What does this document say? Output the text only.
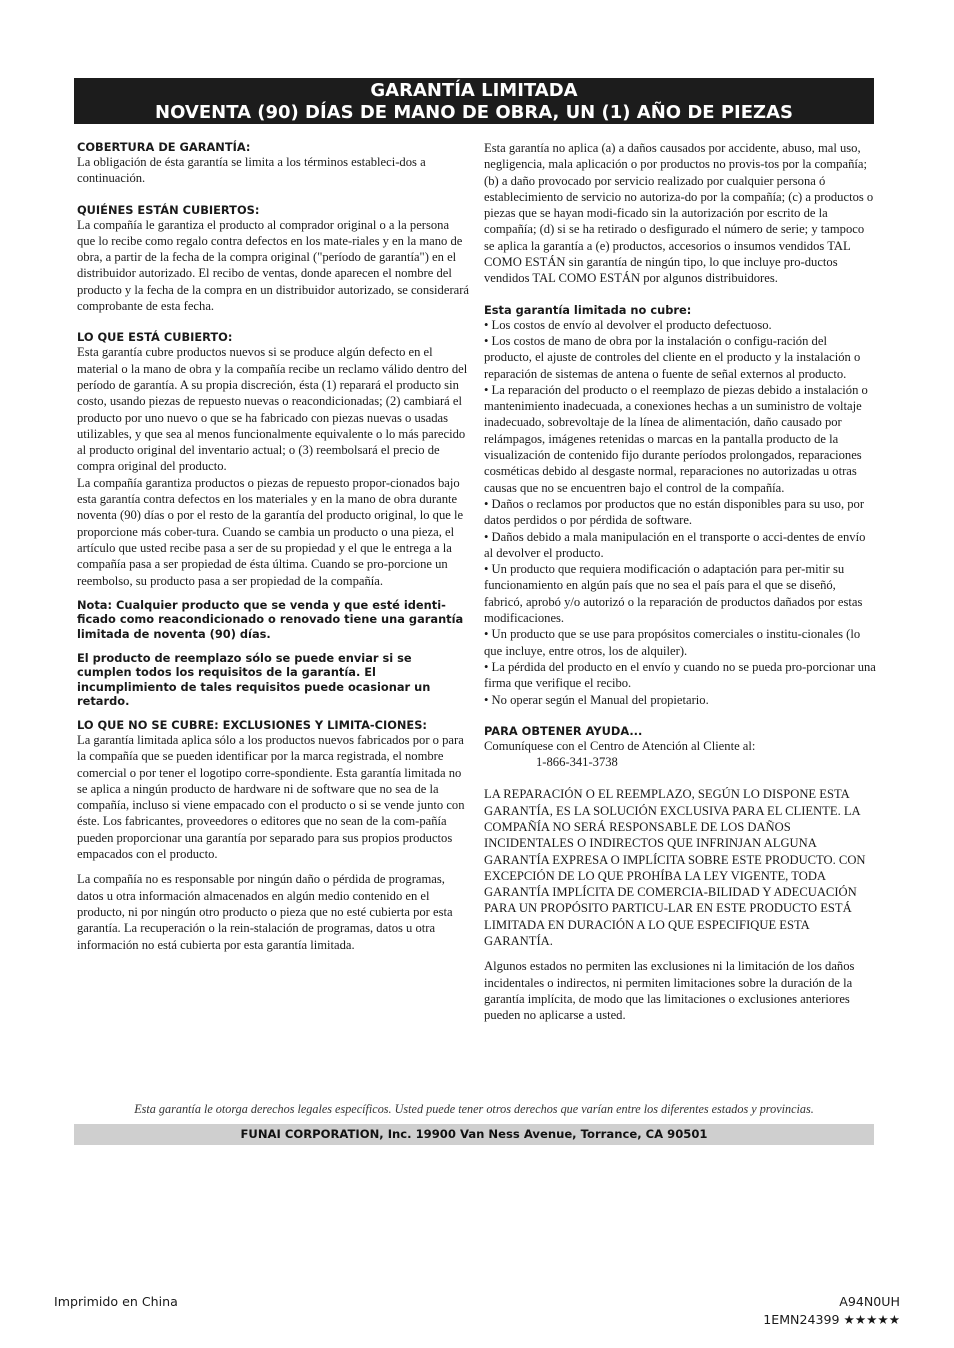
GARANTÍA LIMITADA
NOVENTA (90) DÍAS DE MANO DE OBRA, UN (1) AÑO DE PIEZAS
COBERTURA DE GARANTÍA:

La obligación de ésta garantía se limita a los términos estableci-dos a continuación.

QUIÉNES ESTÁN CUBIERTOS:

La compañía le garantiza el producto al comprador original o a la persona que lo recibe como regalo contra defectos en los mate-riales y en la mano de obra, a partir de la fecha de la compra original ("período de garantía") en el distribuidor autorizado. El recibo de ventas, donde aparecen el nombre del producto y la fecha de la compra en un distribuidor autorizado, se considerará comprobante de esta fecha.

LO QUE ESTÁ CUBIERTO:

Esta garantía cubre productos nuevos si se produce algún defecto en el material o la mano de obra y la compañía recibe un reclamo válido dentro del período de garantía. A su propia discreción, ésta (1) reparará el producto sin costo, usando piezas de repuesto nuevas o reacondicionadas; (2) cambiará el producto por uno nuevo o que se ha fabricado con piezas nuevas o usadas utilizables, y que sea al menos funcionalmente equivalente o lo más parecido al producto original del inventario actual; o (3) reembolsará el precio de compra original del producto.

La compañía garantiza productos o piezas de repuesto propor-cionados bajo esta garantía contra defectos en los materiales y en la mano de obra durante noventa (90) días o por el resto de la garantía del producto original, lo que le proporcione más cober-tura. Cuando se cambia un producto o una pieza, el artículo que usted recibe pasa a ser de su propiedad y el que le entrega a la compañía pasa a ser propiedad de ésta última. Cuando se pro-porcione un reembolso, su producto pasa a ser propiedad de la compañía.

Nota: Cualquier producto que se venda y que esté identi-ficado como reacondicionado o renovado tiene una garantía limitada de noventa (90) días.

El producto de reemplazo sólo se puede enviar si se cumplen todos los requisitos de la garantía. El incumplimiento de tales requisitos puede ocasionar un retardo.

LO QUE NO SE CUBRE: EXCLUSIONES Y LIMITA-CIONES:

La garantía limitada aplica sólo a los productos nuevos fabricados por o para la compañía que se pueden identificar por la marca registrada, el nombre comercial o por tener el logotipo corre-spondiente. Esta garantía limitada no se aplica a ningún producto de hardware ni de software que no sea de la compañía, incluso si viene empacado con el producto o si se vende junto con éste. Los fabricantes, proveedores o editores que no sean de la com-pañía pueden proporcionar una garantía por separado para sus propios productos empacados con el producto.

La compañía no es responsable por ningún daño o pérdida de programas, datos u otra información almacenados en algún medio contenido en el producto, ni por ningún otro producto o pieza que no esté cubierta por esta garantía. La recuperación o la rein-stalación de programas, datos u otra información no está cubierta por esta garantía limitada.

Esta garantía no aplica (a) a daños causados por accidente, abuso, mal uso, negligencia, mala aplicación o por productos no provis-tos por la compañía; (b) a daño provocado por servicio realizado por cualquier persona ó establecimiento de servicio no autoriza-do por la compañía; (c) a productos o piezas que se hayan modi-ficado sin la autorización por escrito de la compañía; (d) si se ha retirado o desfigurado el número de serie; y tampoco se aplica la garantía a (e) productos, accesorios o insumos vendidos TAL COMO ESTÁN sin garantía de ningún tipo, lo que incluye pro-ductos vendidos TAL COMO ESTÁN por algunos distribuidores.

Esta garantía limitada no cubre:

• Los costos de envío al devolver el producto defectuoso.

• Los costos de mano de obra por la instalación o configu-ración del producto, el ajuste de controles del cliente en el producto y la instalación o reparación de sistemas de antena o fuente de señal externos al producto.

• La reparación del producto o el reemplazo de piezas debido a instalación o mantenimiento inadecuada, a conexiones hechas a un suministro de voltaje inadecuado, sobrevoltaje de la línea de alimentación, daño causado por relámpagos, imágenes retenidas o marcas en la pantalla producto de la visualización de contenido fijo durante períodos prolongados, reparaciones cosméticas debido al desgaste normal, reparaciones no autorizadas u otras causas que no se encuentren bajo el control de la compañía.

• Daños o reclamos por productos que no están disponibles para su uso, por datos perdidos o por pérdida de software.

• Daños debido a mala manipulación en el transporte o acci-dentes de envío al devolver el producto.

• Un producto que requiera modificación o adaptación para per-mitir su funcionamiento en algún país que no sea el país para el que se diseñó, fabricó, aprobó y/o autorizó o la reparación de productos dañados por estas modificaciones.

• Un producto que se use para propósitos comerciales o institu-cionales (lo que incluye, entre otros, los de alquiler).

• La pérdida del producto en el envío y cuando no se pueda pro-porcionar una firma que verifique el recibo.

• No operar según el Manual del propietario.

PARA OBTENER AYUDA...

Comuníquese con el Centro de Atención al Cliente al:

1-866-341-3738

LA REPARACIÓN O EL REEMPLAZO, SEGÚN LO DISPONE ESTA GARANTÍA, ES LA SOLUCIÓN EXCLUSIVA PARA EL CLIENTE. LA COMPAÑÍA NO SERÁ RESPONSABLE DE LOS DAÑOS INCIDENTALES O INDIRECTOS QUE INFRINJAN ALGUNA GARANTÍA EXPRESA O IMPLÍCITA SOBRE ESTE PRODUCTO. CON EXCEPCIÓN DE LO QUE PROHÍBA LA LEY VIGENTE, TODA GARANTÍA IMPLÍCITA DE COMERCIA-BILIDAD Y ADECUACIÓN PARA UN PROPÓSITO PARTICU-LAR EN ESTE PRODUCTO ESTÁ LIMITADA EN DURACIÓN A LO QUE ESPECIFIQUE ESTA GARANTÍA.

Algunos estados no permiten las exclusiones ni la limitación de los daños incidentales o indirectos, ni permiten limitaciones sobre la duración de la garantía implícita, de modo que las limitaciones o exclusiones anteriores pueden no aplicarse a usted.

Esta garantía le otorga derechos legales específicos. Usted puede tener otros derechos que varían entre los diferentes estados y provincias.
FUNAI CORPORATION, Inc. 19900 Van Ness Avenue, Torrance, CA 90501
Imprimido en China	A94N0UH
1EMN24399 ★★★★★
